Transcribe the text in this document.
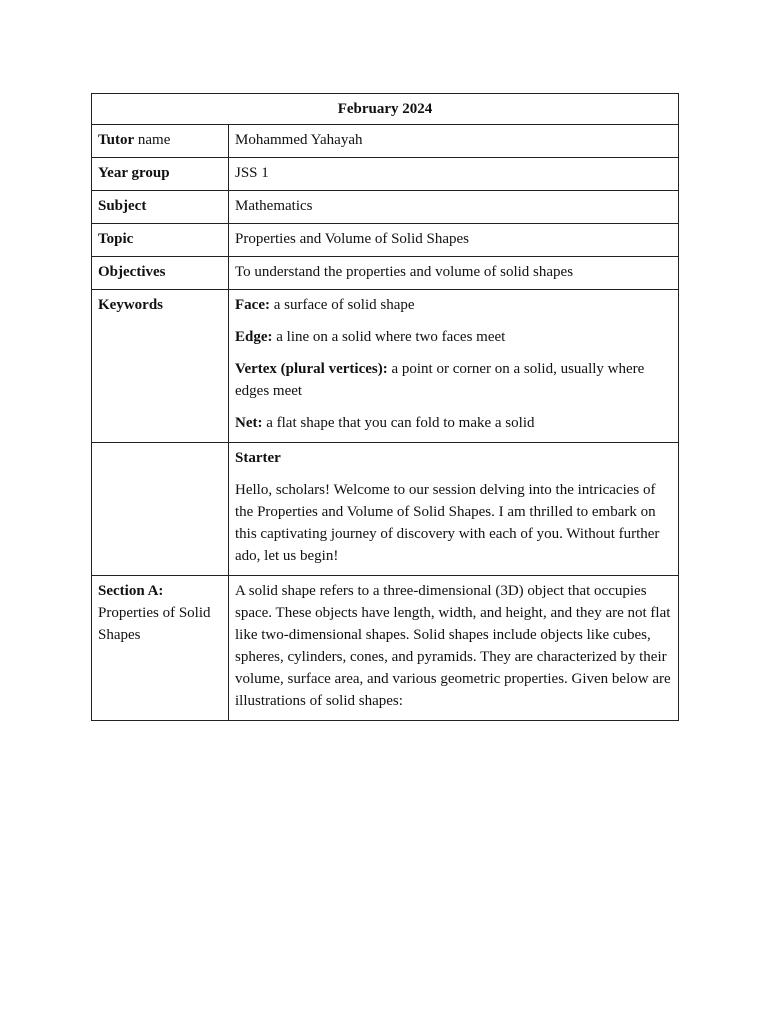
February 2024	
Tutor name	Mohammed Yahayah
Year group	JSS 1
Subject	Mathematics
Topic	Properties and Volume of Solid Shapes
Objectives	To understand the properties and volume of solid shapes
Keywords	Face: a surface of solid shape

Edge: a line on a solid where two faces meet

Vertex (plural vertices): a point or corner on a solid, usually where edges meet

Net: a flat shape that you can fold to make a solid

	Starter

Hello, scholars! Welcome to our session delving into the intricacies of the Properties and Volume of Solid Shapes. I am thrilled to embark on this captivating journey of discovery with each of you. Without further ado, let us begin!

Section A:
Properties of Solid Shapes	A solid shape refers to a three-dimensional (3D) object that occupies space. These objects have length, width, and height, and they are not flat like two-dimensional shapes. Solid shapes include objects like cubes, spheres, cylinders, cones, and pyramids. They are characterized by their volume, surface area, and various geometric properties. Given below are illustrations of solid shapes:
